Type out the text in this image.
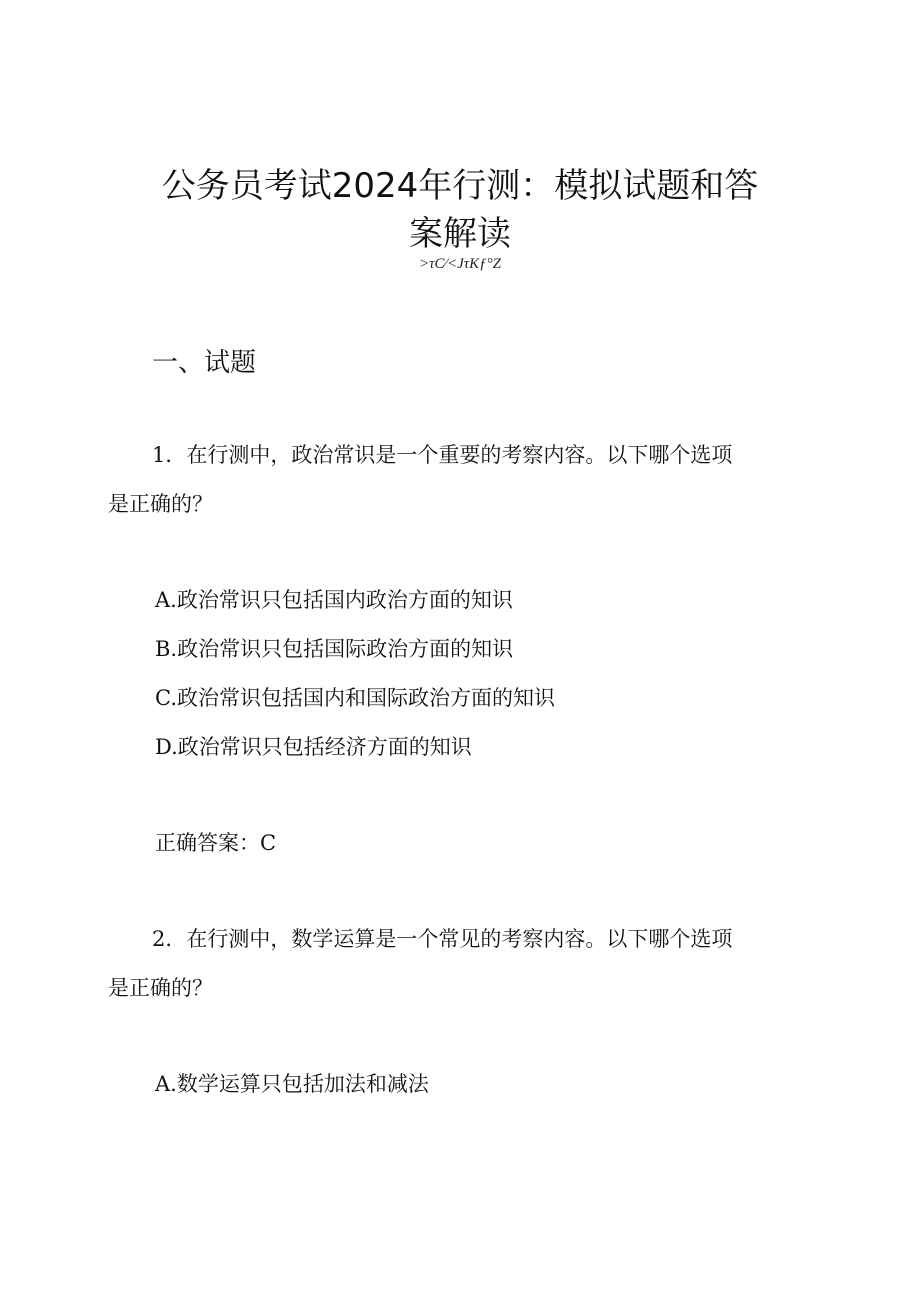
公务员考试2024年行测：模拟试题和答
案解读
>τC⁄<JτKƒ°Z
一、试题
1．在行测中，政治常识是一个重要的考察内容。以下哪个选项
是正确的？
A.政治常识只包括国内政治方面的知识
B.政治常识只包括国际政治方面的知识
C.政治常识包括国内和国际政治方面的知识
D.政治常识只包括经济方面的知识
正确答案：C
2．在行测中，数学运算是一个常见的考察内容。以下哪个选项
是正确的？
A.数学运算只包括加法和减法
